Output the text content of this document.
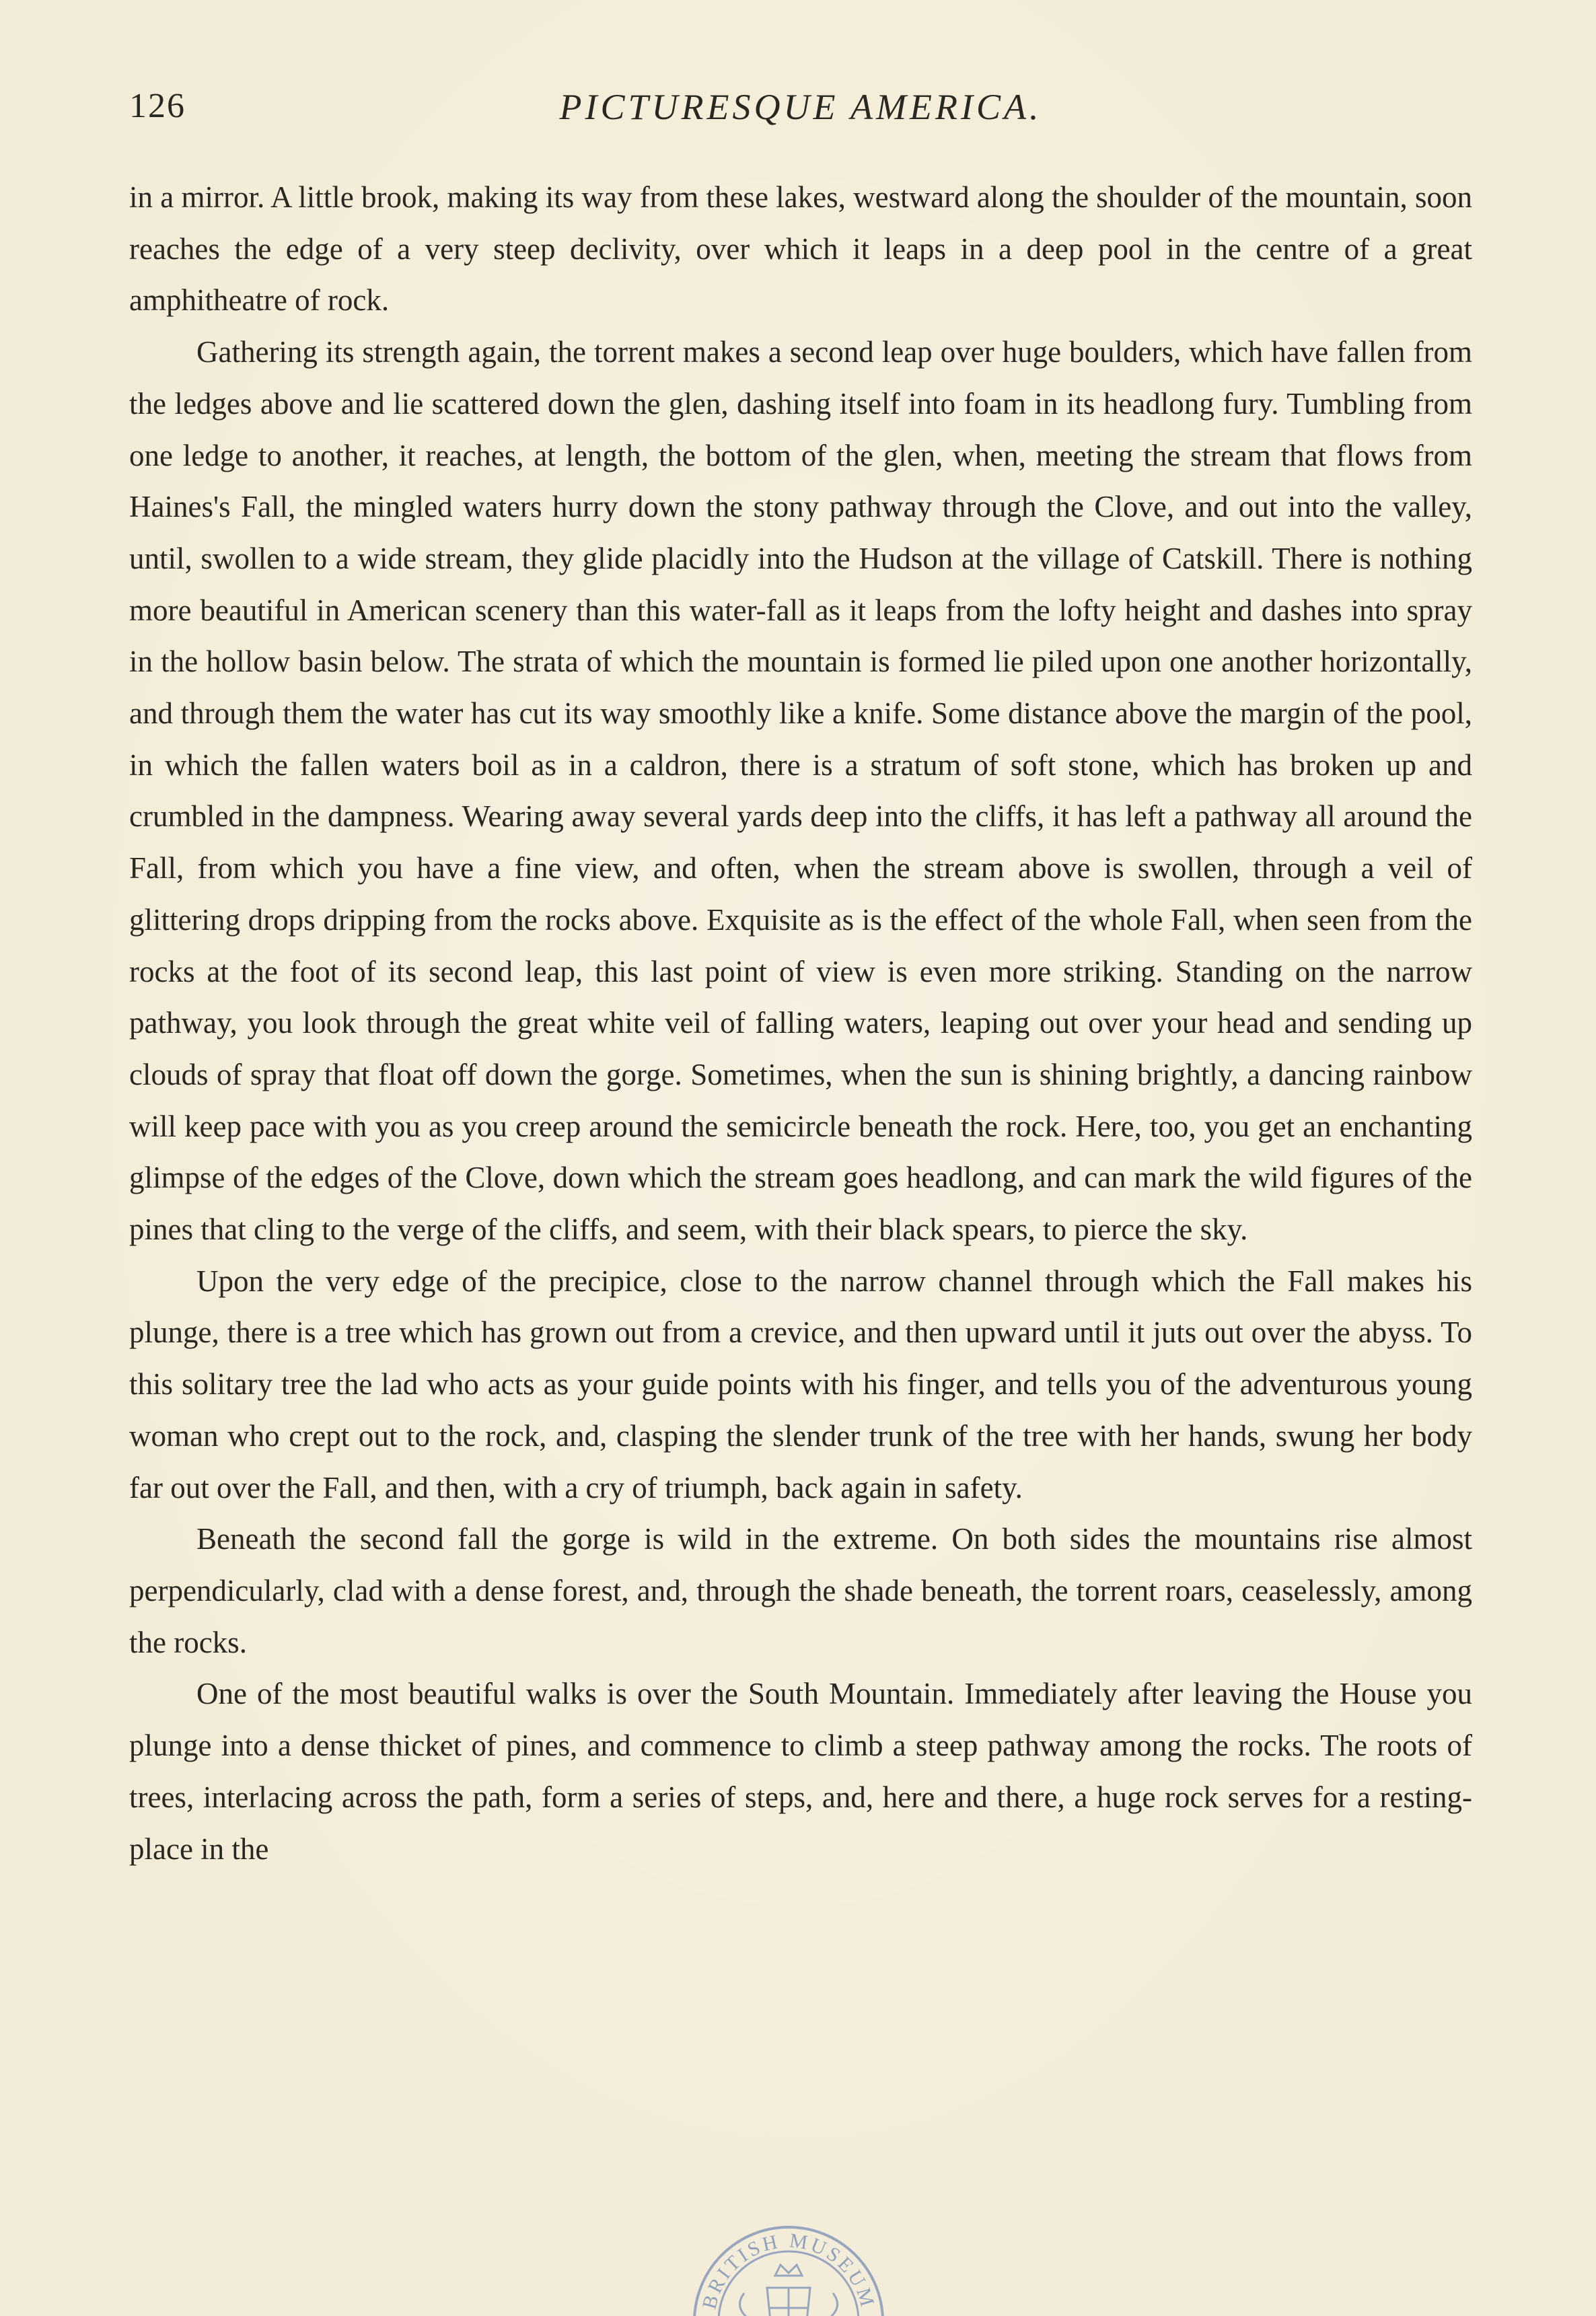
126	PICTURESQUE AMERICA.

in a mirror. A little brook, making its way from these lakes, westward along the shoulder of the mountain, soon reaches the edge of a very steep declivity, over which it leaps in a deep pool in the centre of a great amphitheatre of rock.

Gathering its strength again, the torrent makes a second leap over huge boulders, which have fallen from the ledges above and lie scattered down the glen, dashing itself into foam in its headlong fury. Tumbling from one ledge to another, it reaches, at length, the bottom of the glen, when, meeting the stream that flows from Haines's Fall, the mingled waters hurry down the stony pathway through the Clove, and out into the valley, until, swollen to a wide stream, they glide placidly into the Hudson at the village of Catskill. There is nothing more beautiful in American scenery than this water-fall as it leaps from the lofty height and dashes into spray in the hollow basin below. The strata of which the mountain is formed lie piled upon one another horizontally, and through them the water has cut its way smoothly like a knife. Some distance above the margin of the pool, in which the fallen waters boil as in a caldron, there is a stratum of soft stone, which has broken up and crumbled in the dampness. Wearing away several yards deep into the cliffs, it has left a pathway all around the Fall, from which you have a fine view, and often, when the stream above is swollen, through a veil of glittering drops dripping from the rocks above. Exquisite as is the effect of the whole Fall, when seen from the rocks at the foot of its second leap, this last point of view is even more striking. Standing on the narrow pathway, you look through the great white veil of falling waters, leaping out over your head and sending up clouds of spray that float off down the gorge. Sometimes, when the sun is shining brightly, a dancing rainbow will keep pace with you as you creep around the semicircle beneath the rock. Here, too, you get an enchanting glimpse of the edges of the Clove, down which the stream goes headlong, and can mark the wild figures of the pines that cling to the verge of the cliffs, and seem, with their black spears, to pierce the sky.

Upon the very edge of the precipice, close to the narrow channel through which the Fall makes his plunge, there is a tree which has grown out from a crevice, and then upward until it juts out over the abyss. To this solitary tree the lad who acts as your guide points with his finger, and tells you of the adventurous young woman who crept out to the rock, and, clasping the slender trunk of the tree with her hands, swung her body far out over the Fall, and then, with a cry of triumph, back again in safety.

Beneath the second fall the gorge is wild in the extreme. On both sides the mountains rise almost perpendicularly, clad with a dense forest, and, through the shade beneath, the torrent roars, ceaselessly, among the rocks.

One of the most beautiful walks is over the South Mountain. Immediately after leaving the House you plunge into a dense thicket of pines, and commence to climb a steep pathway among the rocks. The roots of trees, interlacing across the path, form a series of steps, and, here and there, a huge rock serves for a resting-place in the

BRITISH MUSEUM
